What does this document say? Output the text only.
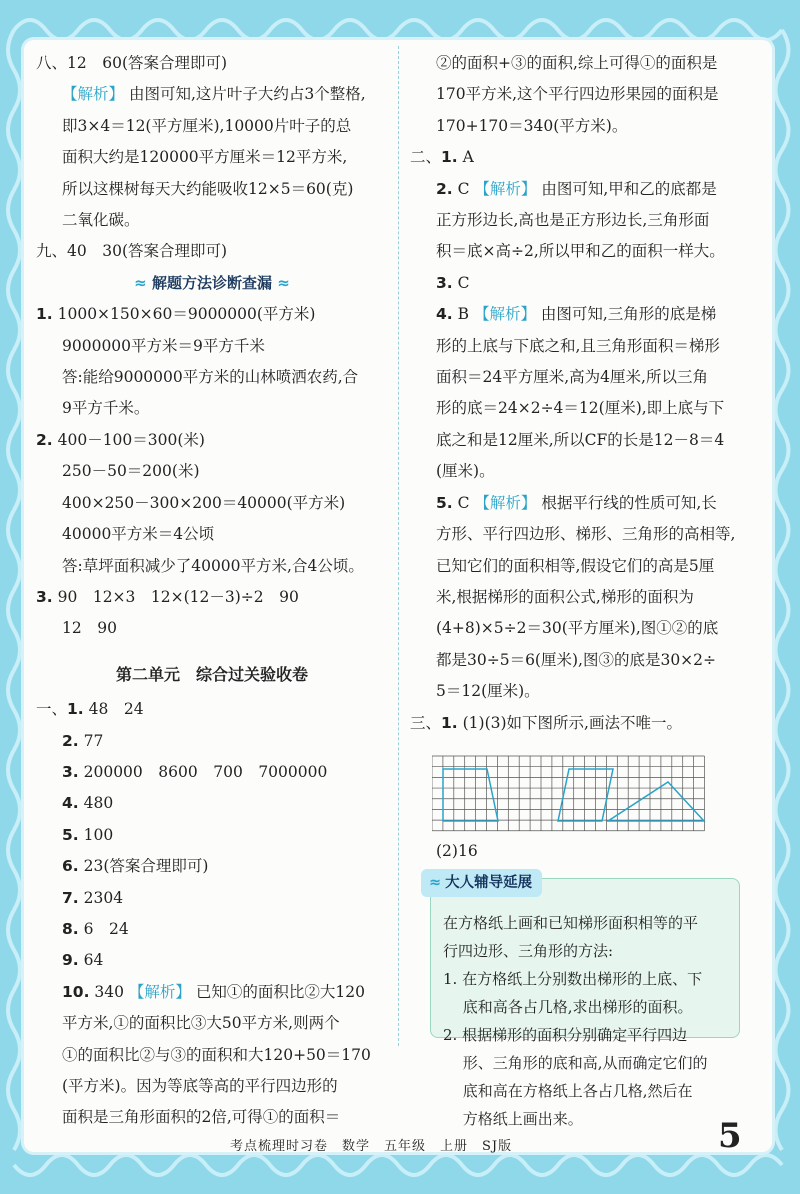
八、12　60(答案合理即可)
【解析】 由图可知,这片叶子大约占3个整格,
即3×4＝12(平方厘米),10000片叶子的总
面积大约是120000平方厘米＝12平方米,
所以这棵树每天大约能吸收12×5＝60(克)
二氧化碳。
九、40　30(答案合理即可)
≈ 解题方法诊断查漏 ≈
1. 1000×150×60＝9000000(平方米)
9000000平方米＝9平方千米
答:能给9000000平方米的山林喷洒农药,合
9平方千米。
2. 400－100＝300(米)
250－50＝200(米)
400×250－300×200＝40000(平方米)
40000平方米＝4公顷
答:草坪面积减少了40000平方米,合4公顷。
3. 90　12×3　12×(12－3)÷2　90
12　90
第二单元　综合过关验收卷
一、1. 48　24
2. 77
3. 200000　8600　700　7000000
4. 480
5. 100
6. 23(答案合理即可)
7. 2304
8. 6　24
9. 64
10. 340 【解析】 已知①的面积比②大120
平方米,①的面积比③大50平方米,则两个
①的面积比②与③的面积和大120+50＝170
(平方米)。因为等底等高的平行四边形的
面积是三角形面积的2倍,可得①的面积＝
②的面积+③的面积,综上可得①的面积是
170平方米,这个平行四边形果园的面积是
170+170＝340(平方米)。
二、1. A
2. C 【解析】 由图可知,甲和乙的底都是
正方形边长,高也是正方形边长,三角形面
积＝底×高÷2,所以甲和乙的面积一样大。
3. C
4. B 【解析】 由图可知,三角形的底是梯
形的上底与下底之和,且三角形面积＝梯形
面积＝24平方厘米,高为4厘米,所以三角
形的底＝24×2÷4＝12(厘米),即上底与下
底之和是12厘米,所以CF的长是12－8＝4
(厘米)。
5. C 【解析】 根据平行线的性质可知,长
方形、平行四边形、梯形、三角形的高相等,
已知它们的面积相等,假设它们的高是5厘
米,根据梯形的面积公式,梯形的面积为
(4+8)×5÷2＝30(平方厘米),图①②的底
都是30÷5＝6(厘米),图③的底是30×2÷
5＝12(厘米)。
三、1. (1)(3)如下图所示,画法不唯一。
(2)16
≈ 大人辅导延展
在方格纸上画和已知梯形面积相等的平
行四边形、三角形的方法:
1. 在方格纸上分别数出梯形的上底、下
　 底和高各占几格,求出梯形的面积。
2. 根据梯形的面积分别确定平行四边
　 形、三角形的底和高,从而确定它们的
　 底和高在方格纸上各占几格,然后在
　 方格纸上画出来。
考点梳理时习卷　数学　五年级　上册　SJ版	5
